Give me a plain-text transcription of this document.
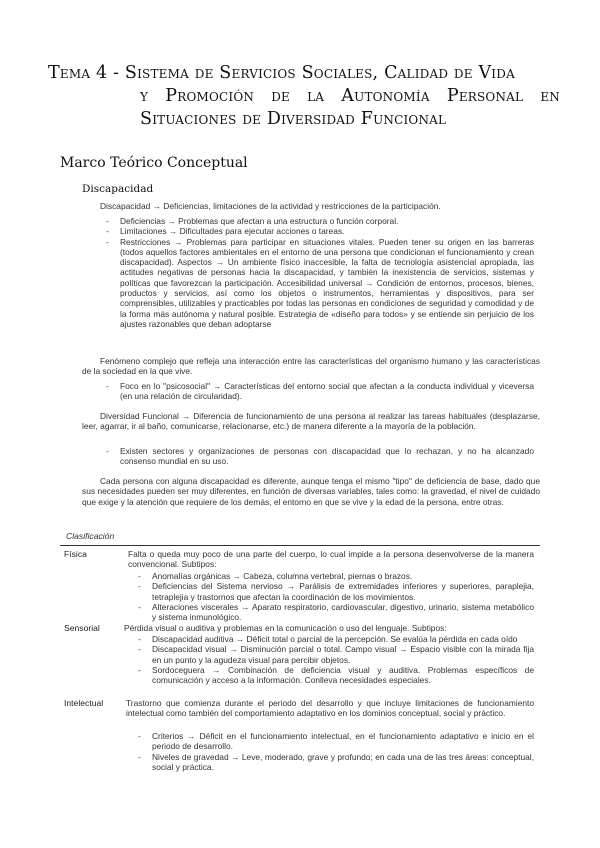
Tema 4 - Sistema de Servicios Sociales, Calidad de Vida
y Promoción de la Autonomía Personal en
Situaciones de Diversidad Funcional
Marco Teórico Conceptual
Discapacidad
Discapacidad → Deficiencias, limitaciones de la actividad y restricciones de la participación.
- Deficiencias → Problemas que afectan a una estructura o función corporal.
- Limitaciones → Dificultades para ejecutar acciones o tareas.
- Restricciones → Problemas para participar en situaciones vitales. Pueden tener su origen en las barreras (todos aquellos factores ambientales en el entorno de una persona que condicionan el funcionamiento y crean discapacidad). Aspectos → Un ambiente físico inaccesible, la falta de tecnología asistencial apropiada, las actitudes negativas de personas hacia la discapacidad, y también la inexistencia de servicios, sistemas y políticas que favorezcan la participación. Accesibilidad universal → Condición de entornos, procesos, bienes, productos y servicios, así como los objetos o instrumentos, herramientas y dispositivos, para ser comprensibles, utilizables y practicables por todas las personas en condiciones de seguridad y comodidad y de la forma más autónoma y natural posible. Estrategia de «diseño para todos» y se entiende sin perjuicio de los ajustes razonables que deban adoptarse
Fenómeno complejo que refleja una interacción entre las características del organismo humano y las características de la sociedad en la que vive.
- Foco en lo "psicosocial" → Características del entorno social que afectan a la conducta individual y viceversa (en una relación de circularidad).
Diversidad Funcional → Diferencia de funcionamiento de una persona al realizar las tareas habituales (desplazarse, leer, agarrar, ir al baño, comunicarse, relacionarse, etc.) de manera diferente a la mayoría de la población.
- Existen sectores y organizaciones de personas con discapacidad que lo rechazan, y no ha alcanzado consenso mundial en su uso.
Cada persona con alguna discapacidad es diferente, aunque tenga el mismo "tipo" de deficiencia de base, dado que sus necesidades pueden ser muy diferentes, en función de diversas variables, tales como: la gravedad, el nivel de cuidado que exige y la atención que requiere de los demás, el entorno en que se vive y la edad de la persona, entre otras.
Clasificación
Física	Falta o queda muy poco de una parte del cuerpo, lo cual impide a la persona desenvolverse de la manera convencional. Subtipos:
- Anomalías orgánicas → Cabeza, columna vertebral, piernas o brazos.
- Deficiencias del Sistema nervioso → Parálisis de extremidades inferiores y superiores, paraplejia, tetraplejia y trastornos que afectan la coordinación de los movimientos.
- Alteraciones viscerales → Aparato respiratorio, cardiovascular, digestivo, urinario, sistema metabólico y sistema inmunológico.
Sensorial	Pérdida visual o auditiva y problemas en la comunicación o uso del lenguaje. Subtipos:
- Discapacidad auditiva → Déficit total o parcial de la percepción. Se evalúa la pérdida en cada oído
- Discapacidad visual → Disminución parcial o total. Campo visual → Espacio visible con la mirada fija en un punto y la agudeza visual para percibir objetos.
- Sordoceguera → Combinación de deficiencia visual y auditiva. Problemas específicos de comunicación y acceso a la información. Conlleva necesidades especiales.
Intelectual	Trastorno que comienza durante el periodo del desarrollo y que incluye limitaciones de funcionamiento intelectual como también del comportamiento adaptativo en los dominios conceptual, social y práctico.
- Criterios → Déficit en el funcionamiento intelectual, en el funcionamiento adaptativo e inicio en el periodo de desarrollo.
- Niveles de gravedad → Leve, moderado, grave y profundo; en cada una de las tres áreas: conceptual, social y práctica.
